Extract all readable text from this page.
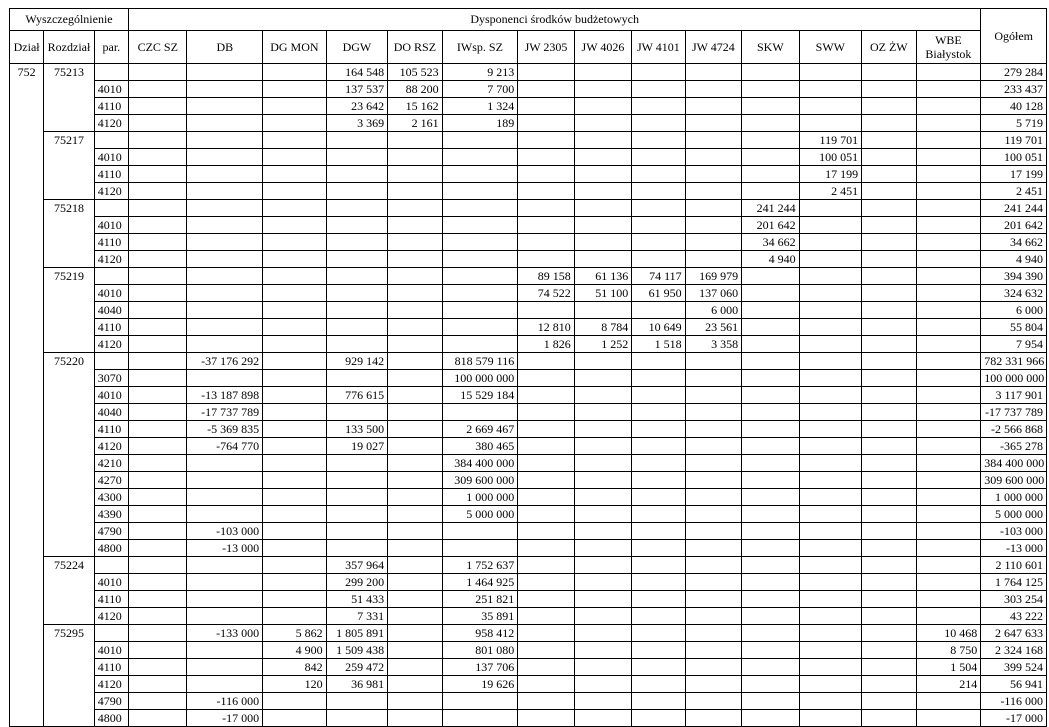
Wyszczególnienie			Dysponenci środków budżetowych														Ogółem
Dział	Rozdział	par.	CZC SZ	DB	DG MON	DGW	DO RSZ	IWsp. SZ	JW 2305	JW 4026	JW 4101	JW 4724	SKW	SWW	OZ ŻW	WBE Białystok	
752	75213					164 548	105 523	9 213									279 284
		4010				137 537	88 200	7 700									233 437
		4110				23 642	15 162	1 324									40 128
		4120				3 369	2 161	189									5 719
	75217													119 701			119 701
		4010												100 051			100 051
		4110												17 199			17 199
		4120												2 451			2 451
	75218												241 244				241 244
		4010											201 642				201 642
		4110											34 662				34 662
		4120											4 940				4 940
	75219								89 158	61 136	74 117	169 979					394 390
		4010							74 522	51 100	61 950	137 060					324 632
		4040										6 000					6 000
		4110							12 810	8 784	10 649	23 561					55 804
		4120							1 826	1 252	1 518	3 358					7 954
	75220			-37 176 292		929 142		818 579 116									782 331 966
		3070						100 000 000									100 000 000
		4010		-13 187 898		776 615		15 529 184									3 117 901
		4040		-17 737 789													-17 737 789
		4110		-5 369 835		133 500		2 669 467									-2 566 868
		4120		-764 770		19 027		380 465									-365 278
		4210						384 400 000									384 400 000
		4270						309 600 000									309 600 000
		4300						1 000 000									1 000 000
		4390						5 000 000									5 000 000
		4790		-103 000													-103 000
		4800		-13 000													-13 000
	75224					357 964		1 752 637									2 110 601
		4010				299 200		1 464 925									1 764 125
		4110				51 433		251 821									303 254
		4120				7 331		35 891									43 222
	75295			-133 000	5 862	1 805 891		958 412								10 468	2 647 633
		4010			4 900	1 509 438		801 080								8 750	2 324 168
		4110			842	259 472		137 706								1 504	399 524
		4120			120	36 981		19 626								214	56 941
		4790		-116 000													-116 000
		4800		-17 000													-17 000
